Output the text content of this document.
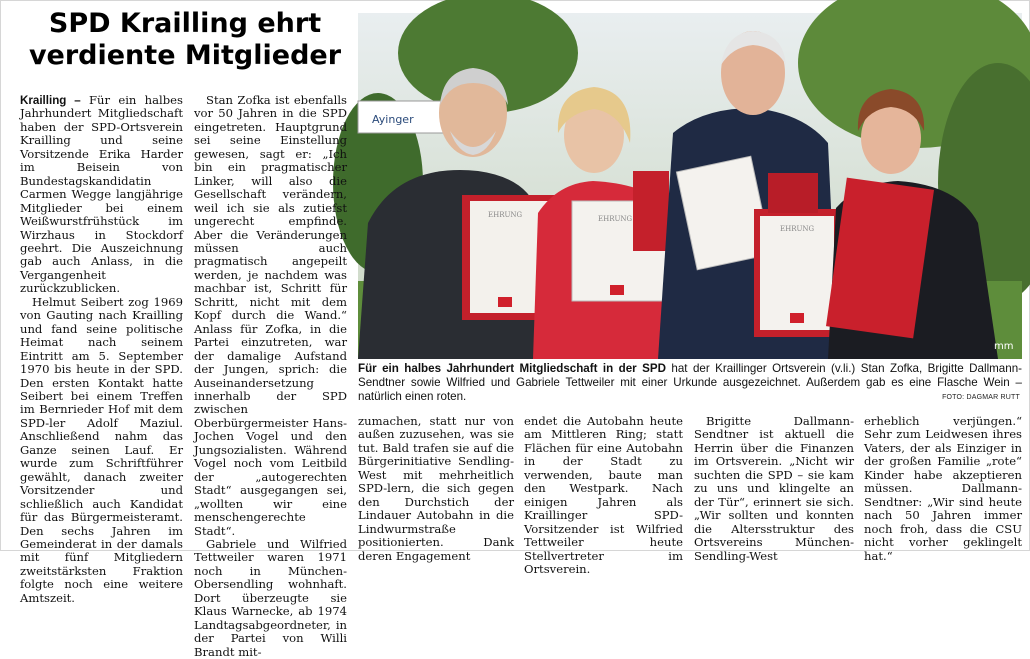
SPD Krailling ehrt
verdiente Mitglieder

Krailling – Für ein halbes Jahrhundert Mitgliedschaft haben der SPD-Ortsverein Krailling und seine Vorsitzende Erika Harder im Beisein von Bundestagskandidatin Carmen Wegge langjährige Mitglieder bei einem Weißwurstfrühstück im Wirzhaus in Stockdorf geehrt. Die Auszeichnung gab auch Anlass, in die Vergangenheit zurückzublicken.

Helmut Seibert zog 1969 von Gauting nach Krailling und fand seine politische Heimat nach seinem Eintritt am 5. September 1970 bis heute in der SPD. Den ersten Kontakt hatte Seibert bei einem Treffen im Bernrieder Hof mit dem SPD-ler Adolf Maziul. Anschließend nahm das Ganze seinen Lauf. Er wurde zum Schriftführer gewählt, danach zweiter Vorsitzender und schließlich auch Kandidat für das Bürgermeisteramt. Den sechs Jahren im Gemeinderat in der damals mit fünf Mitgliedern zweitstärksten Fraktion folgte noch eine weitere Amtszeit.

Ayinger
EHRUNG	EHRUNG
EHRUNG
mm
Für ein halbes Jahrhundert Mitgliedschaft in der SPD hat der Kraillinger Ortsverein (v.li.) Stan Zofka, Brigitte Dallmann-Sendtner sowie Wilfried und Gabriele Tettweiler mit einer Urkunde ausgezeichnet. Außerdem gab es eine Flasche Wein – natürlich einen roten.	FOTO: DAGMAR RUTT

Stan Zofka ist ebenfalls vor 50 Jahren in die SPD eingetreten. Hauptgrund sei seine Einstellung gewesen, sagt er: „Ich bin ein pragmatischer Linker, will also die Gesellschaft verändern, weil ich sie als zutiefst ungerecht empfinde. Aber die Veränderungen müssen auch pragmatisch angepeilt werden, je nachdem was machbar ist, Schritt für Schritt, nicht mit dem Kopf durch die Wand.“ Anlass für Zofka, in die Partei einzutreten, war der damalige Aufstand der Jungen, sprich: die Auseinandersetzung innerhalb der SPD zwischen Oberbürgermeister Hans-Jochen Vogel und den Jungsozialisten. Während Vogel noch vom Leitbild der „autogerechten Stadt“ ausgegangen sei, „wollten wir eine menschengerechte Stadt“.

Gabriele und Wilfried Tettweiler waren 1971 noch in München-Obersendling wohnhaft. Dort überzeugte sie Klaus Warnecke, ab 1974 Landtagsabgeordneter, in der Partei von Willi Brandt mit-

zumachen, statt nur von außen zuzusehen, was sie tut. Bald trafen sie auf die Bürgerinitiative Sendling-West mit mehrheitlich SPD-lern, die sich gegen den Durchstich der Lindauer Autobahn in die Lindwurmstraße positionierten. Dank deren Engagement

endet die Autobahn heute am Mittleren Ring; statt Flächen für eine Autobahn in der Stadt zu verwenden, baute man den Westpark. Nach einigen Jahren als Kraillinger SPD-Vorsitzender ist Wilfried Tettweiler heute Stellvertreter im Ortsverein.

Brigitte Dallmann-Sendtner ist aktuell die Herrin über die Finanzen im Ortsverein. „Nicht wir suchten die SPD – sie kam zu uns und klingelte an der Tür“, erinnert sie sich. „Wir sollten und konnten die Altersstruktur des Ortsvereins München-Sendling-West

erheblich verjüngen.“ Sehr zum Leidwesen ihres Vaters, der als Einziger in der großen Familie „rote“ Kinder habe akzeptieren müssen. Dallmann-Sendtner: „Wir sind heute nach 50 Jahren immer noch froh, dass die CSU nicht vorher geklingelt hat.“
